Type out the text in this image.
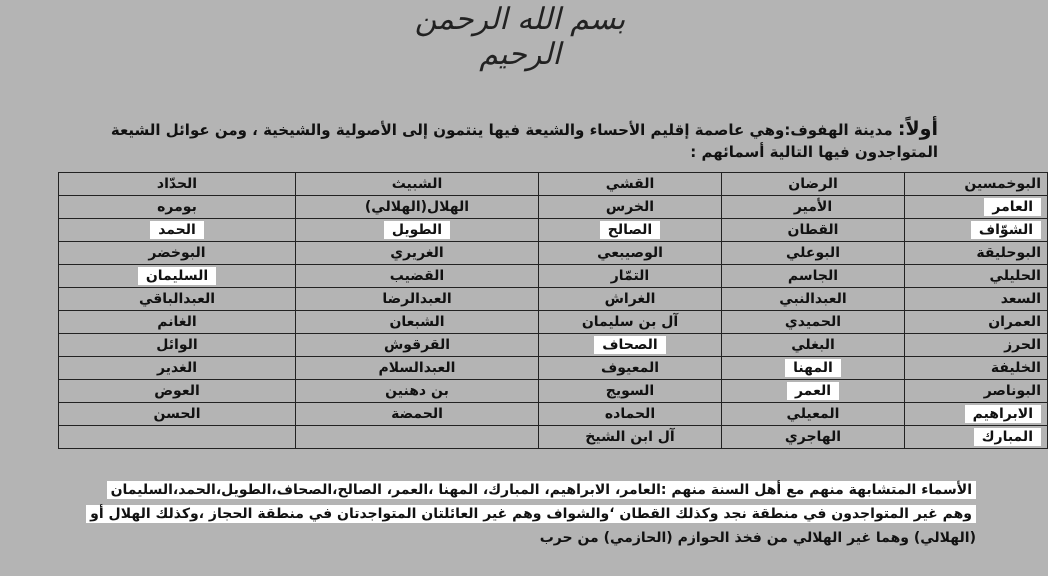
بسم الله الرحمن الرحيم
أولاً: مدينة الهفوف:وهي عاصمة إقليم الأحساء والشيعة فيها ينتمون إلى الأصولية والشيخية ، ومن عوائل الشيعة المتواجدون فيها التالية أسمائهم :
البوخمسين	الرضان	القشي	الشبيث	الحدّاد
العامر	الأمير	الخرس	الهلال(الهلالي)	بومره
الشوّاف	القطان	الصالح	الطويل	الحمد
البوحليقة	البوعلي	الوصيبعي	الغريري	البوخضر
الحليلي	الجاسم	التمّار	القضيب	السليمان
السعد	العبدالنبي	الغراش	العبدالرضا	العبدالباقي
العمران	الحميدي	آل بن سليمان	الشبعان	الغانم
الحرز	البغلي	الصحاف	القرقوش	الوائل
الخليفة	المهنا	المعيوف	العبدالسلام	الغدير
البوناصر	العمر	السويج	بن دهنين	العوض
الابراهيم	المعيلي	الحماده	الحمضة	الحسن
المبارك	الهاجري	آل ابن الشيخ		
الأسماء المتشابهة منهم مع أهل السنة منهم :العامر، الابراهيم، المبارك، المهنا ،العمر، الصالح،الصحاف،الطويل،الحمد،السليمان
وهم غير المتواجدون في منطقة نجد وكذلك القطان ‘والشواف وهم غير العائلتان المتواجدتان في منطقة الحجاز ،وكذلك الهلال أو
(الهلالي) وهما غير الهلالي من فخذ الحوازم (الحازمي) من حرب
